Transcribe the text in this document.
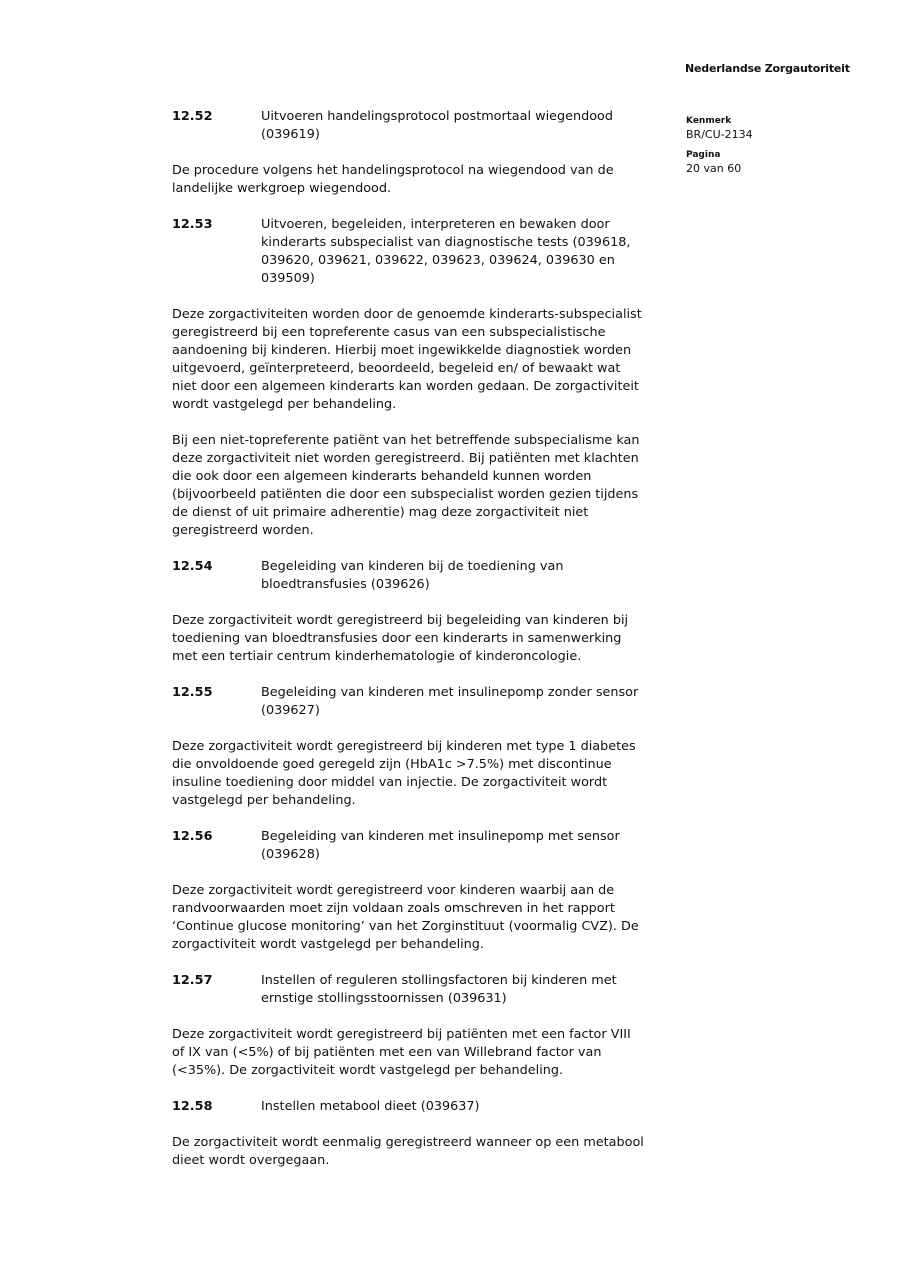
Nederlandse Zorgautoriteit
Kenmerk
BR/CU-2134
Pagina
20 van 60
12.52	Uitvoeren handelingsprotocol postmortaal wiegendood
(039619)
De procedure volgens het handelingsprotocol na wiegendood van de
landelijke werkgroep wiegendood.
12.53	Uitvoeren, begeleiden, interpreteren en bewaken door
kinderarts subspecialist van diagnostische tests (039618,
039620, 039621, 039622, 039623, 039624, 039630 en
039509)
Deze zorgactiviteiten worden door de genoemde kinderarts-subspecialist
geregistreerd bij een topreferente casus van een subspecialistische
aandoening bij kinderen. Hierbij moet ingewikkelde diagnostiek worden
uitgevoerd, geïnterpreteerd, beoordeeld, begeleid en/ of bewaakt wat
niet door een algemeen kinderarts kan worden gedaan. De zorgactiviteit
wordt vastgelegd per behandeling.
Bij een niet-topreferente patiënt van het betreffende subspecialisme kan
deze zorgactiviteit niet worden geregistreerd. Bij patiënten met klachten
die ook door een algemeen kinderarts behandeld kunnen worden
(bijvoorbeeld patiënten die door een subspecialist worden gezien tijdens
de dienst of uit primaire adherentie) mag deze zorgactiviteit niet
geregistreerd worden.
12.54	Begeleiding van kinderen bij de toediening van
bloedtransfusies (039626)
Deze zorgactiviteit wordt geregistreerd bij begeleiding van kinderen bij
toediening van bloedtransfusies door een kinderarts in samenwerking
met een tertiair centrum kinderhematologie of kinderoncologie.
12.55	Begeleiding van kinderen met insulinepomp zonder sensor
(039627)
Deze zorgactiviteit wordt geregistreerd bij kinderen met type 1 diabetes
die onvoldoende goed geregeld zijn (HbA1c >7.5%) met discontinue
insuline toediening door middel van injectie. De zorgactiviteit wordt
vastgelegd per behandeling.
12.56	Begeleiding van kinderen met insulinepomp met sensor
(039628)
Deze zorgactiviteit wordt geregistreerd voor kinderen waarbij aan de
randvoorwaarden moet zijn voldaan zoals omschreven in het rapport
‘Continue glucose monitoring’ van het Zorginstituut (voormalig CVZ). De
zorgactiviteit wordt vastgelegd per behandeling.
12.57	Instellen of reguleren stollingsfactoren bij kinderen met
ernstige stollingsstoornissen (039631)
Deze zorgactiviteit wordt geregistreerd bij patiënten met een factor VIII
of IX van (<5%) of bij patiënten met een van Willebrand factor van
(<35%). De zorgactiviteit wordt vastgelegd per behandeling.
12.58	Instellen metabool dieet (039637)
De zorgactiviteit wordt eenmalig geregistreerd wanneer op een metabool
dieet wordt overgegaan.
